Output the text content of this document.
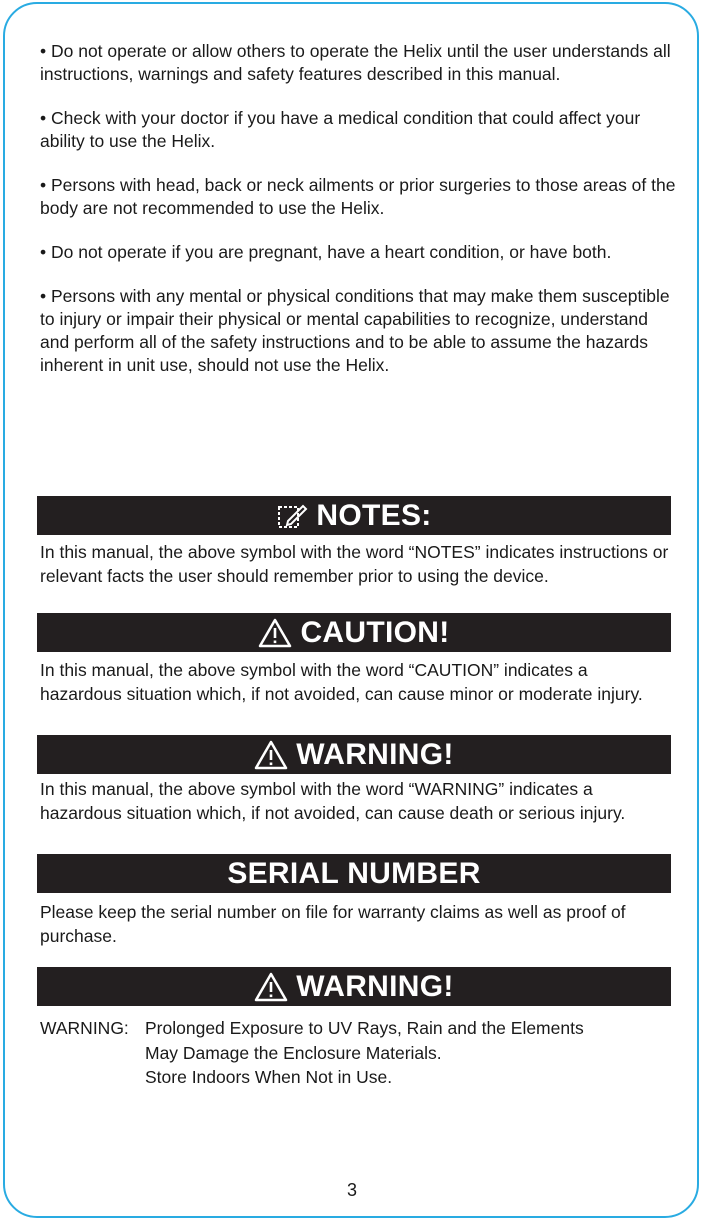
• Do not operate or allow others to operate the Helix until the user understands all instructions, warnings and safety features described in this manual.

• Check with your doctor if you have a medical condition that could affect your ability to use the Helix.

• Persons with head, back or neck ailments or prior surgeries to those areas of the body are not recommended to use the Helix.

• Do not operate if you are pregnant, have a heart condition, or have both.

• Persons with any mental or physical conditions that may make them susceptible to injury or impair their physical or mental capabilities to recognize, understand and perform all of the safety instructions and to be able to assume the hazards inherent in unit use, should not use the Helix.

NOTES:
In this manual, the above symbol with the word “NOTES” indicates instructions or relevant facts the user should remember prior to using the device.
CAUTION!
In this manual, the above symbol with the word “CAUTION” indicates a hazardous situation which, if not avoided, can cause minor or moderate injury.
WARNING!
In this manual, the above symbol with the word “WARNING” indicates a hazardous situation which, if not avoided, can cause death or serious injury.
SERIAL NUMBER
Please keep the serial number on file for warranty claims as well as proof of purchase.
WARNING!
WARNING: Prolonged Exposure to UV Rays, Rain and the Elements
May Damage the Enclosure Materials.
Store Indoors When Not in Use.
3
